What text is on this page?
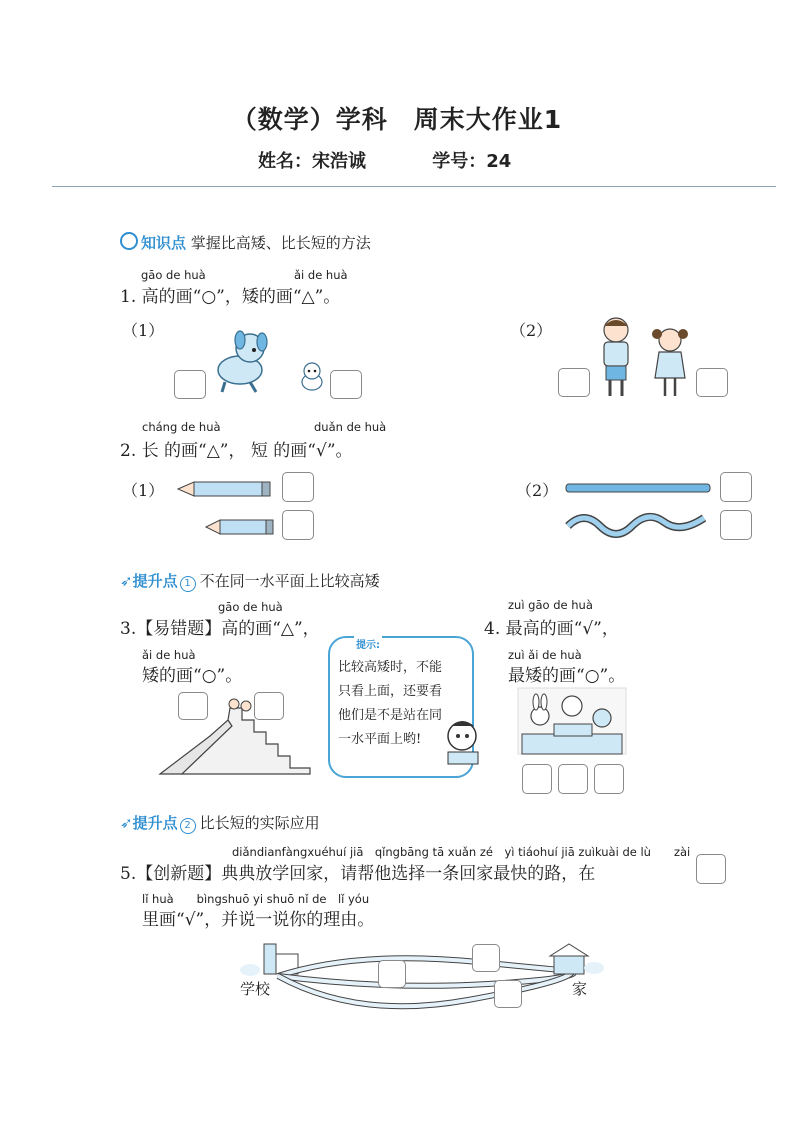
（数学）学科　周末大作业1
姓名：宋浩诚	学号：24
知识点 掌握比高矮、比长短的方法
gāo de huà	ǎi de huà
1. 高的画“○”，矮的画“△”。
（1）	（2）
cháng de huà	duǎn de huà
2. 长 的画“△”， 短 的画“√”。
（1）	（2）
➶提升点 1 不在同一水平面上比较高矮
gāo de huà
3.【易错题】高的画“△”，
ǎi de huà
矮的画“○”。
提示:
比较高矮时，不能
只看上面，还要看
他们是不是站在同
一水平面上哟!
zuì gāo de huà
4. 最高的画“√”，
zuì ǎi de huà
最矮的画“○”。
➶提升点 2 比长短的实际应用
diǎndianfàngxuéhuí jiā　qǐngbāng tā xuǎn zé　yì tiáohuí jiā zuìkuài de lù　　zài
5.【创新题】典典放学回家，请帮他选择一条回家最快的路，在
lǐ huà　　bìngshuō yi shuō nǐ de　lǐ yóu
里画“√”，并说一说你的理由。
学校	家
